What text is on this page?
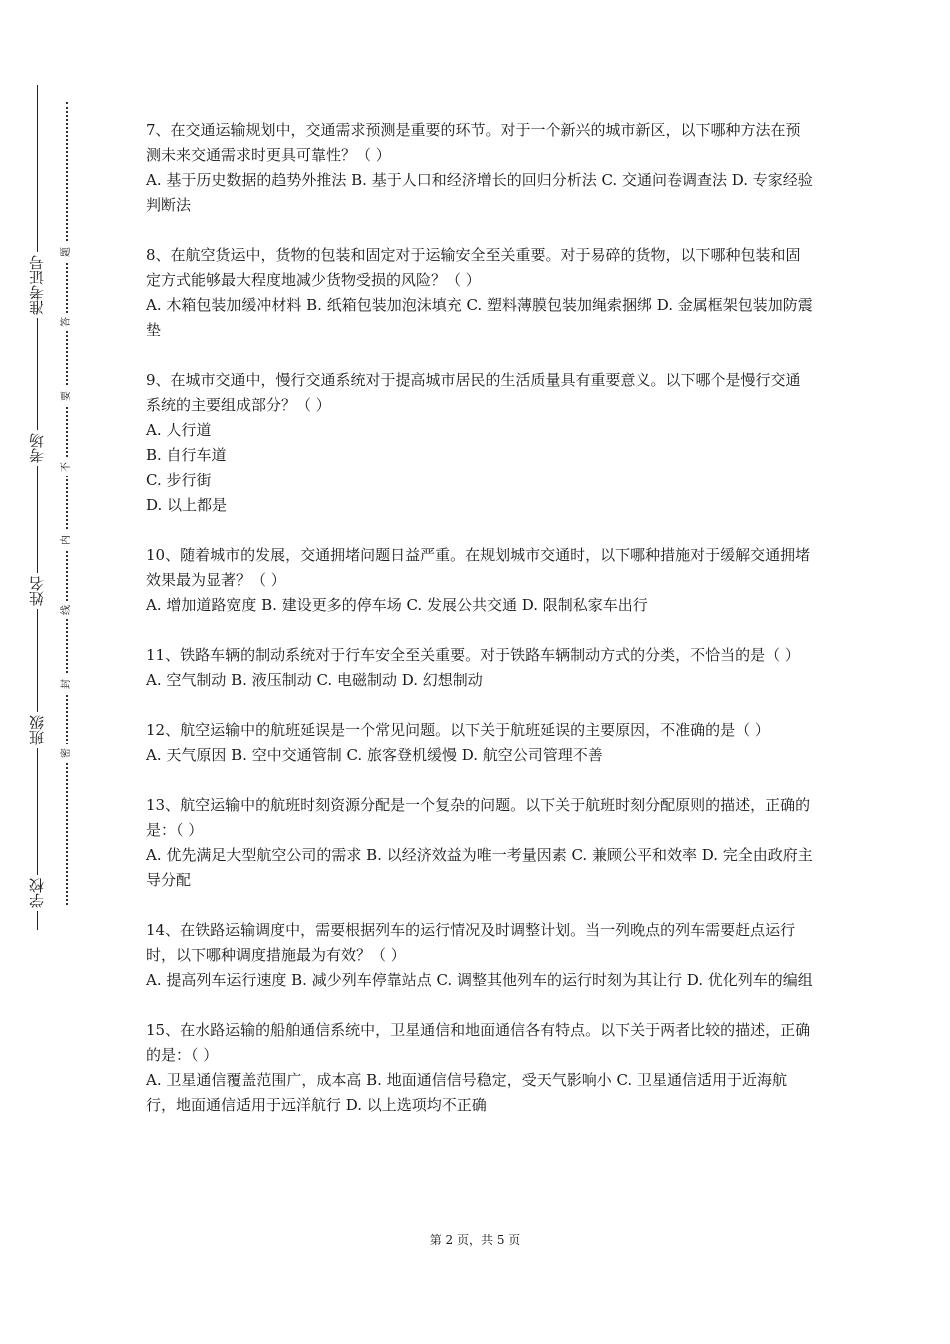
学校
班级
姓名
考场
准考证号
密
封
线
内
不
要
答
题

7、在交通运输规划中，交通需求预测是重要的环节。对于一个新兴的城市新区，以下哪种方法在预测未来交通需求时更具可靠性？（ ）

A. 基于历史数据的趋势外推法 B. 基于人口和经济增长的回归分析法 C. 交通问卷调查法 D. 专家经验判断法

8、在航空货运中，货物的包装和固定对于运输安全至关重要。对于易碎的货物，以下哪种包装和固定方式能够最大程度地减少货物受损的风险？（ ）

A. 木箱包装加缓冲材料 B. 纸箱包装加泡沫填充 C. 塑料薄膜包装加绳索捆绑 D. 金属框架包装加防震垫

9、在城市交通中，慢行交通系统对于提高城市居民的生活质量具有重要意义。以下哪个是慢行交通系统的主要组成部分？（ ）

A. 人行道

B. 自行车道

C. 步行街

D. 以上都是

10、随着城市的发展，交通拥堵问题日益严重。在规划城市交通时，以下哪种措施对于缓解交通拥堵效果最为显著？（ ）

A. 增加道路宽度 B. 建设更多的停车场 C. 发展公共交通 D. 限制私家车出行

11、铁路车辆的制动系统对于行车安全至关重要。对于铁路车辆制动方式的分类，不恰当的是（ ）

A. 空气制动 B. 液压制动 C. 电磁制动 D. 幻想制动

12、航空运输中的航班延误是一个常见问题。以下关于航班延误的主要原因，不准确的是（ ）

A. 天气原因 B. 空中交通管制 C. 旅客登机缓慢 D. 航空公司管理不善

13、航空运输中的航班时刻资源分配是一个复杂的问题。以下关于航班时刻分配原则的描述，正确的是：（ ）

A. 优先满足大型航空公司的需求 B. 以经济效益为唯一考量因素 C. 兼顾公平和效率 D. 完全由政府主导分配

14、在铁路运输调度中，需要根据列车的运行情况及时调整计划。当一列晚点的列车需要赶点运行时，以下哪种调度措施最为有效？（ ）

A. 提高列车运行速度 B. 减少列车停靠站点 C. 调整其他列车的运行时刻为其让行 D. 优化列车的编组

15、在水路运输的船舶通信系统中，卫星通信和地面通信各有特点。以下关于两者比较的描述，正确的是：（ ）

A. 卫星通信覆盖范围广，成本高 B. 地面通信信号稳定，受天气影响小 C. 卫星通信适用于近海航行，地面通信适用于远洋航行 D. 以上选项均不正确

第 2 页，共 5 页
